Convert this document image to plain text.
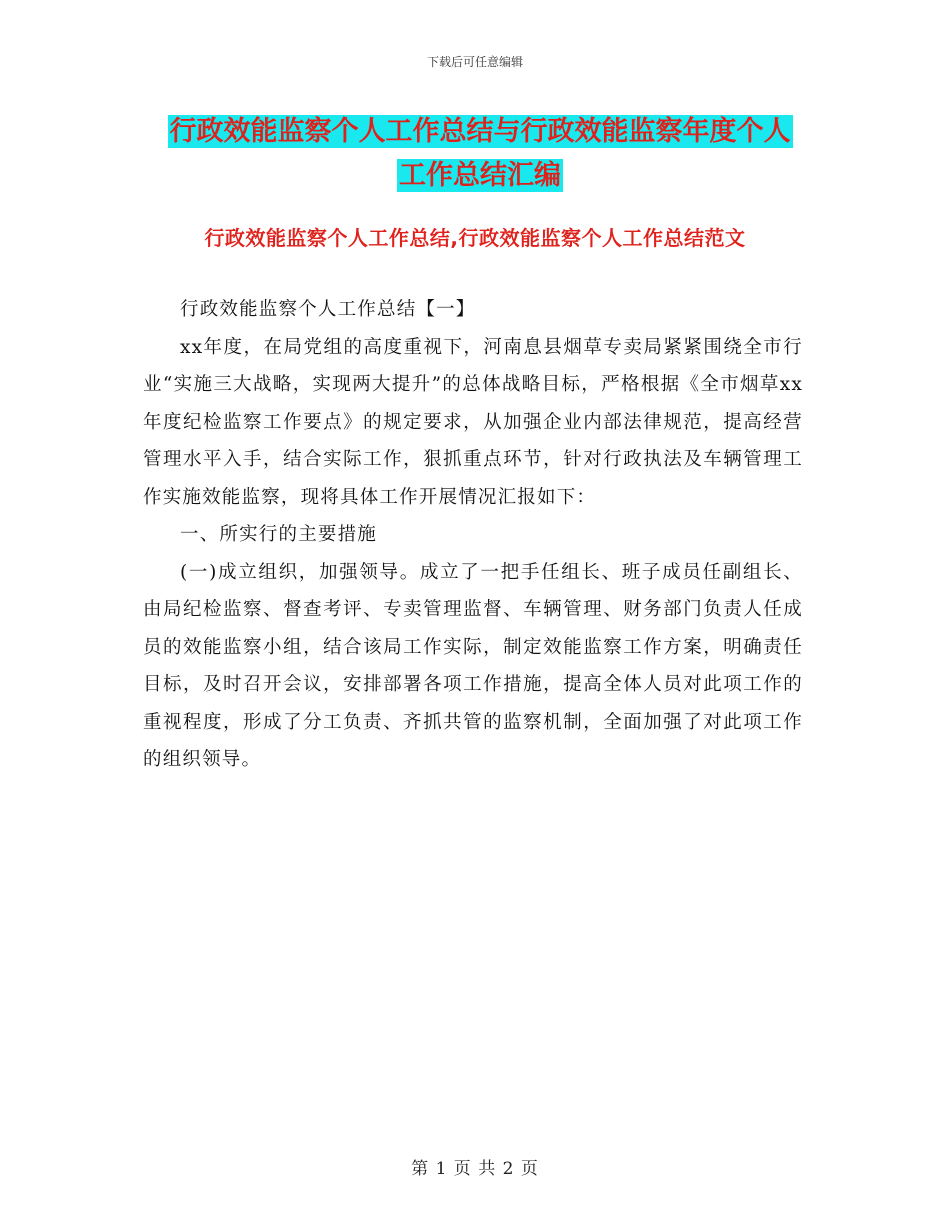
下载后可任意编辑
行政效能监察个人工作总结与行政效能监察年度个人
工作总结汇编
行政效能监察个人工作总结,行政效能监察个人工作总结范文

行政效能监察个人工作总结【一】

xx年度，在局党组的高度重视下，河南息县烟草专卖局紧紧围绕全市行业“实施三大战略，实现两大提升”的总体战略目标，严格根据《全市烟草xx年度纪检监察工作要点》的规定要求，从加强企业内部法律规范，提高经营管理水平入手，结合实际工作，狠抓重点环节，针对行政执法及车辆管理工作实施效能监察，现将具体工作开展情况汇报如下：

一、所实行的主要措施

(一)成立组织，加强领导。成立了一把手任组长、班子成员任副组长、由局纪检监察、督查考评、专卖管理监督、车辆管理、财务部门负责人任成员的效能监察小组，结合该局工作实际，制定效能监察工作方案，明确责任目标，及时召开会议，安排部署各项工作措施，提高全体人员对此项工作的重视程度，形成了分工负责、齐抓共管的监察机制，全面加强了对此项工作的组织领导。

第 1 页 共 2 页
